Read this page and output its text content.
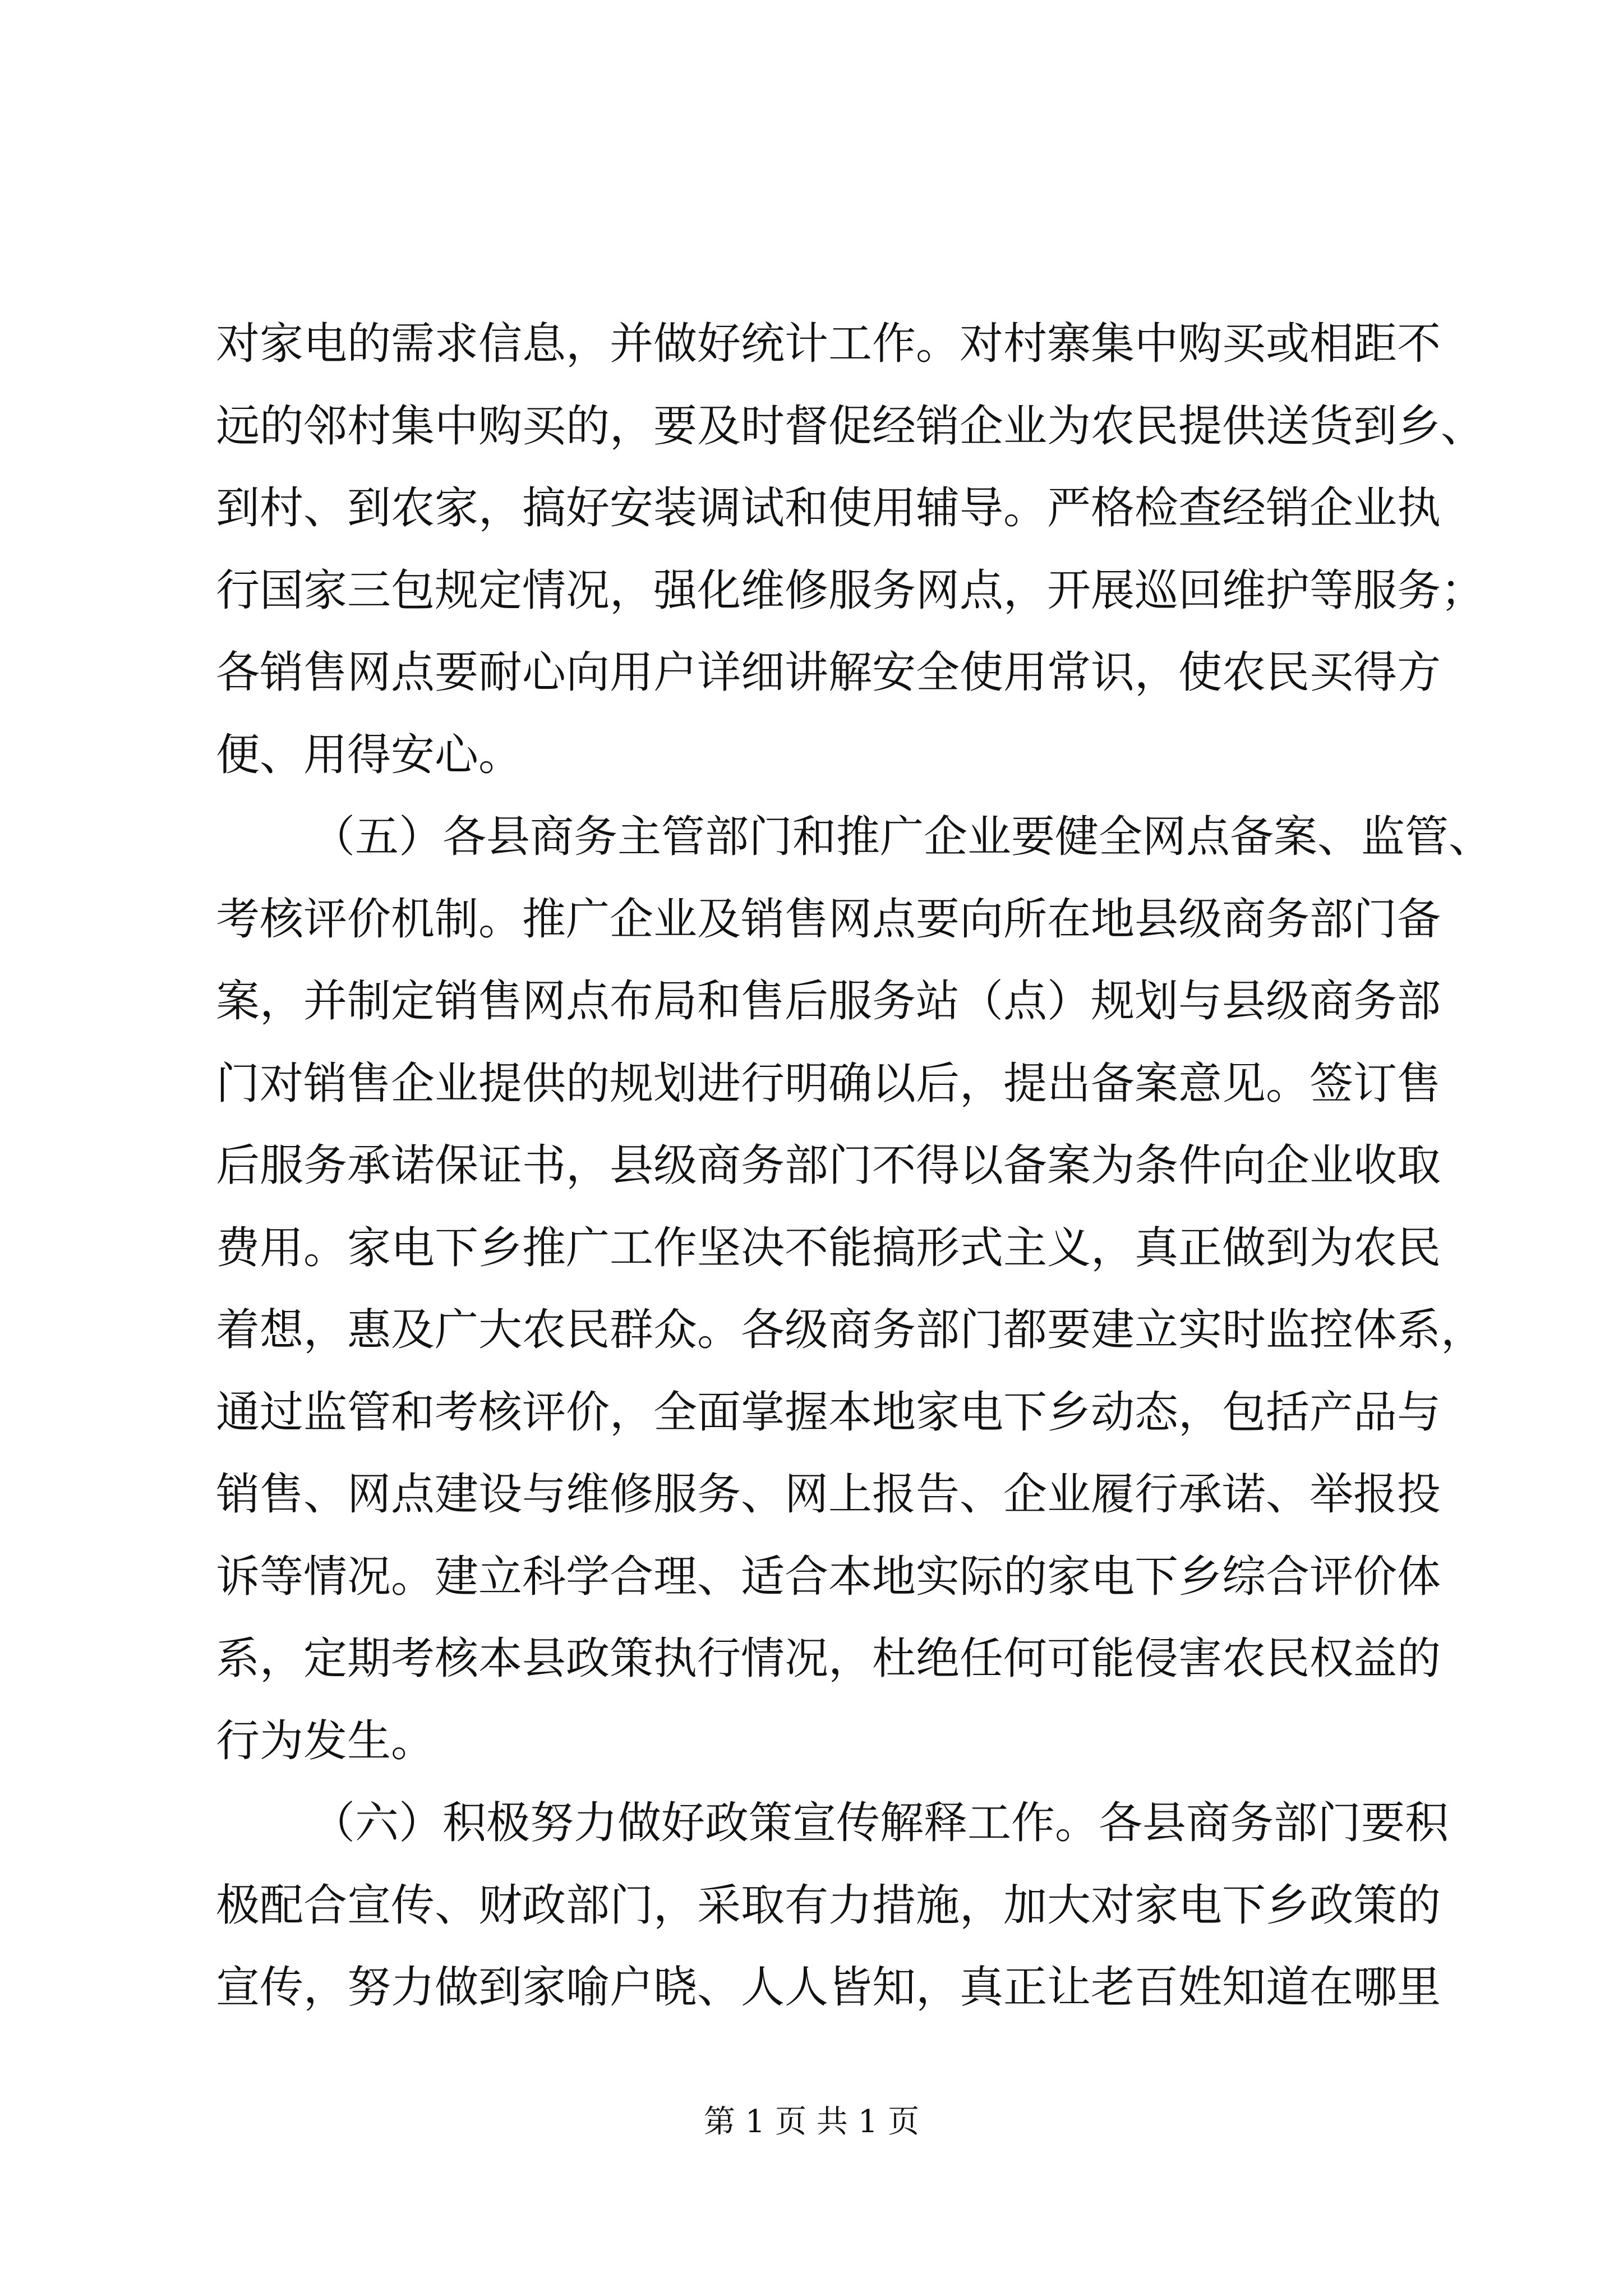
对家电的需求信息，并做好统计工作。对村寨集中购买或相距不
远的邻村集中购买的，要及时督促经销企业为农民提供送货到乡、
到村、到农家，搞好安装调试和使用辅导。严格检查经销企业执
行国家三包规定情况，强化维修服务网点，开展巡回维护等服务；
各销售网点要耐心向用户详细讲解安全使用常识，使农民买得方
便、用得安心。
（五）各县商务主管部门和推广企业要健全网点备案、监管、
考核评价机制。推广企业及销售网点要向所在地县级商务部门备
案，并制定销售网点布局和售后服务站（点）规划与县级商务部
门对销售企业提供的规划进行明确以后，提出备案意见。签订售
后服务承诺保证书，县级商务部门不得以备案为条件向企业收取
费用。家电下乡推广工作坚决不能搞形式主义，真正做到为农民
着想，惠及广大农民群众。各级商务部门都要建立实时监控体系，
通过监管和考核评价，全面掌握本地家电下乡动态，包括产品与
销售、网点建设与维修服务、网上报告、企业履行承诺、举报投
诉等情况。建立科学合理、适合本地实际的家电下乡综合评价体
系，定期考核本县政策执行情况，杜绝任何可能侵害农民权益的
行为发生。
（六）积极努力做好政策宣传解释工作。各县商务部门要积
极配合宣传、财政部门，采取有力措施，加大对家电下乡政策的
宣传，努力做到家喻户晓、人人皆知，真正让老百姓知道在哪里
第 1 页 共 1 页
